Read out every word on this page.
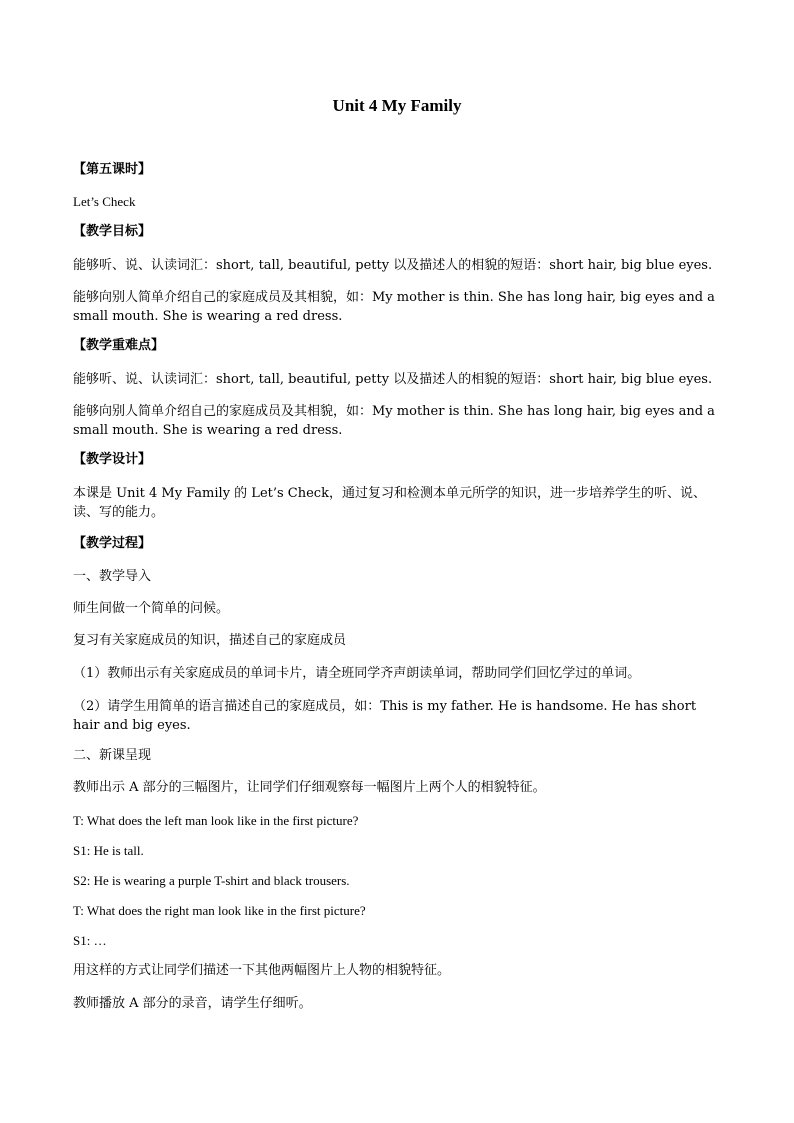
Unit 4 My Family
【第五课时】
Let’s Check
【教学目标】
能够听、说、认读词汇：short, tall, beautiful, petty 以及描述人的相貌的短语：short hair, big blue eyes.
能够向别人简单介绍自己的家庭成员及其相貌，如：My mother is thin. She has long hair, big eyes and a small mouth. She is wearing a red dress.
【教学重难点】
能够听、说、认读词汇：short, tall, beautiful, petty 以及描述人的相貌的短语：short hair, big blue eyes.
能够向别人简单介绍自己的家庭成员及其相貌，如：My mother is thin. She has long hair, big eyes and a small mouth. She is wearing a red dress.
【教学设计】
本课是 Unit 4 My Family 的 Let’s Check，通过复习和检测本单元所学的知识，进一步培养学生的听、说、读、写的能力。
【教学过程】
一、教学导入
师生间做一个简单的问候。
复习有关家庭成员的知识，描述自己的家庭成员
（1）教师出示有关家庭成员的单词卡片，请全班同学齐声朗读单词，帮助同学们回忆学过的单词。
（2）请学生用简单的语言描述自己的家庭成员，如：This is my father. He is handsome. He has short hair and big eyes.
二、新课呈现
教师出示 A 部分的三幅图片，让同学们仔细观察每一幅图片上两个人的相貌特征。
T: What does the left man look like in the first picture?
S1: He is tall.
S2: He is wearing a purple T-shirt and black trousers.
T: What does the right man look like in the first picture?
S1: …
用这样的方式让同学们描述一下其他两幅图片上人物的相貌特征。
教师播放 A 部分的录音，请学生仔细听。
